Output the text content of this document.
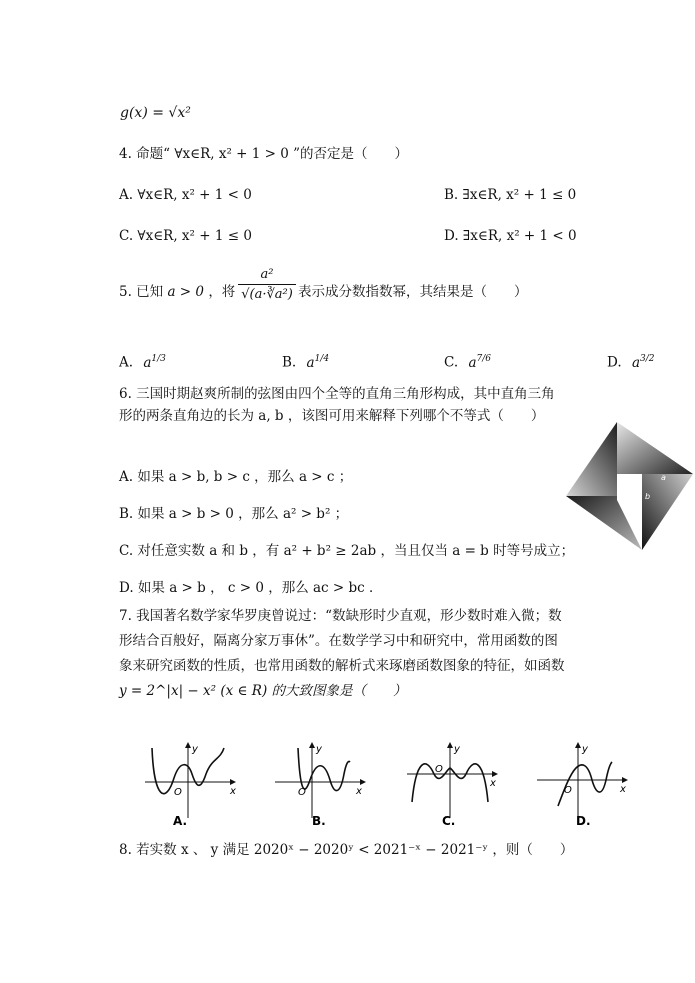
g(x) = √x²
4. 命题“ ∀x∈R, x² + 1 > 0 ”的否定是（　　）
A. ∀x∈R, x² + 1 < 0	B. ∃x∈R, x² + 1 ≤ 0
C. ∀x∈R, x² + 1 ≤ 0	D. ∃x∈R, x² + 1 < 0
5. 已知 a > 0 ，将 $\frac{\text{a²}}{\text{√(a·∛a²)}}$ 表示成分数指数幂，其结果是（　　）
A. $a^{1/3}$	B. $a^{1/4}$	C. $a^{7/6}$	D. $a^{3/2}$
6. 三国时期赵爽所制的弦图由四个全等的直角三角形构成，其中直角三角
形的两条直角边的长为 a, b ，该图可用来解释下列哪个不等式（　　）
A. 如果 a > b, b > c ，那么 a > c ；
B. 如果 a > b > 0 ，那么 a² > b² ；
C. 对任意实数 a 和 b ，有 a² + b² ≥ 2ab ，当且仅当 a = b 时等号成立；
D. 如果 a > b ， c > 0 ，那么 ac > bc ．
a
b
7. 我国著名数学家华罗庚曾说过：“数缺形时少直观，形少数时难入微；数
形结合百般好，隔离分家万事休”。在数学学习中和研究中，常用函数的图
象来研究函数的性质，也常用函数的解析式来琢磨函数图象的特征，如函数
y = 2^|x| − x² (x ∈ R) 的大致图象是（　　）
O	x
y
A.
O	x
y
B.
O
x
y
C.
O	x
y
D.
8. 若实数 x 、 y 满足 2020ˣ − 2020ʸ < 2021⁻ˣ − 2021⁻ʸ ，则（　　）
